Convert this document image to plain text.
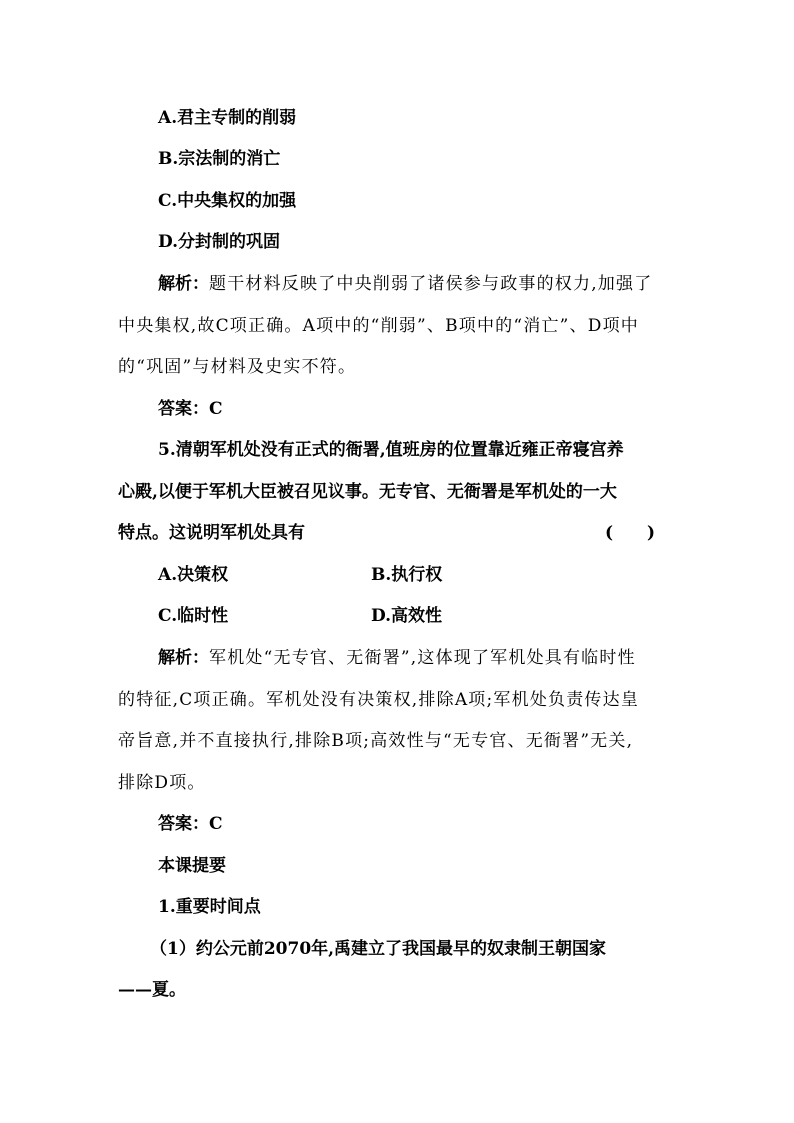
A.君主专制的削弱
B.宗法制的消亡
C.中央集权的加强
D.分封制的巩固
解析：题干材料反映了中央削弱了诸侯参与政事的权力,加强了
中央集权,故C项正确。A项中的“削弱”、B项中的“消亡”、D项中
的“巩固”与材料及史实不符。
答案：C
5.清朝军机处没有正式的衙署,值班房的位置靠近雍正帝寝宫养
心殿,以便于军机大臣被召见议事。无专官、无衙署是军机处的一大
特点。这说明军机处具有	(　　)
A.决策权	B.执行权
C.临时性	D.高效性
解析：军机处“无专官、无衙署”,这体现了军机处具有临时性
的特征,C项正确。军机处没有决策权,排除A项;军机处负责传达皇
帝旨意,并不直接执行,排除B项;高效性与“无专官、无衙署”无关,
排除D项。
答案：C
本课提要
1.重要时间点
（1）约公元前2070年,禹建立了我国最早的奴隶制王朝国家
——夏。
